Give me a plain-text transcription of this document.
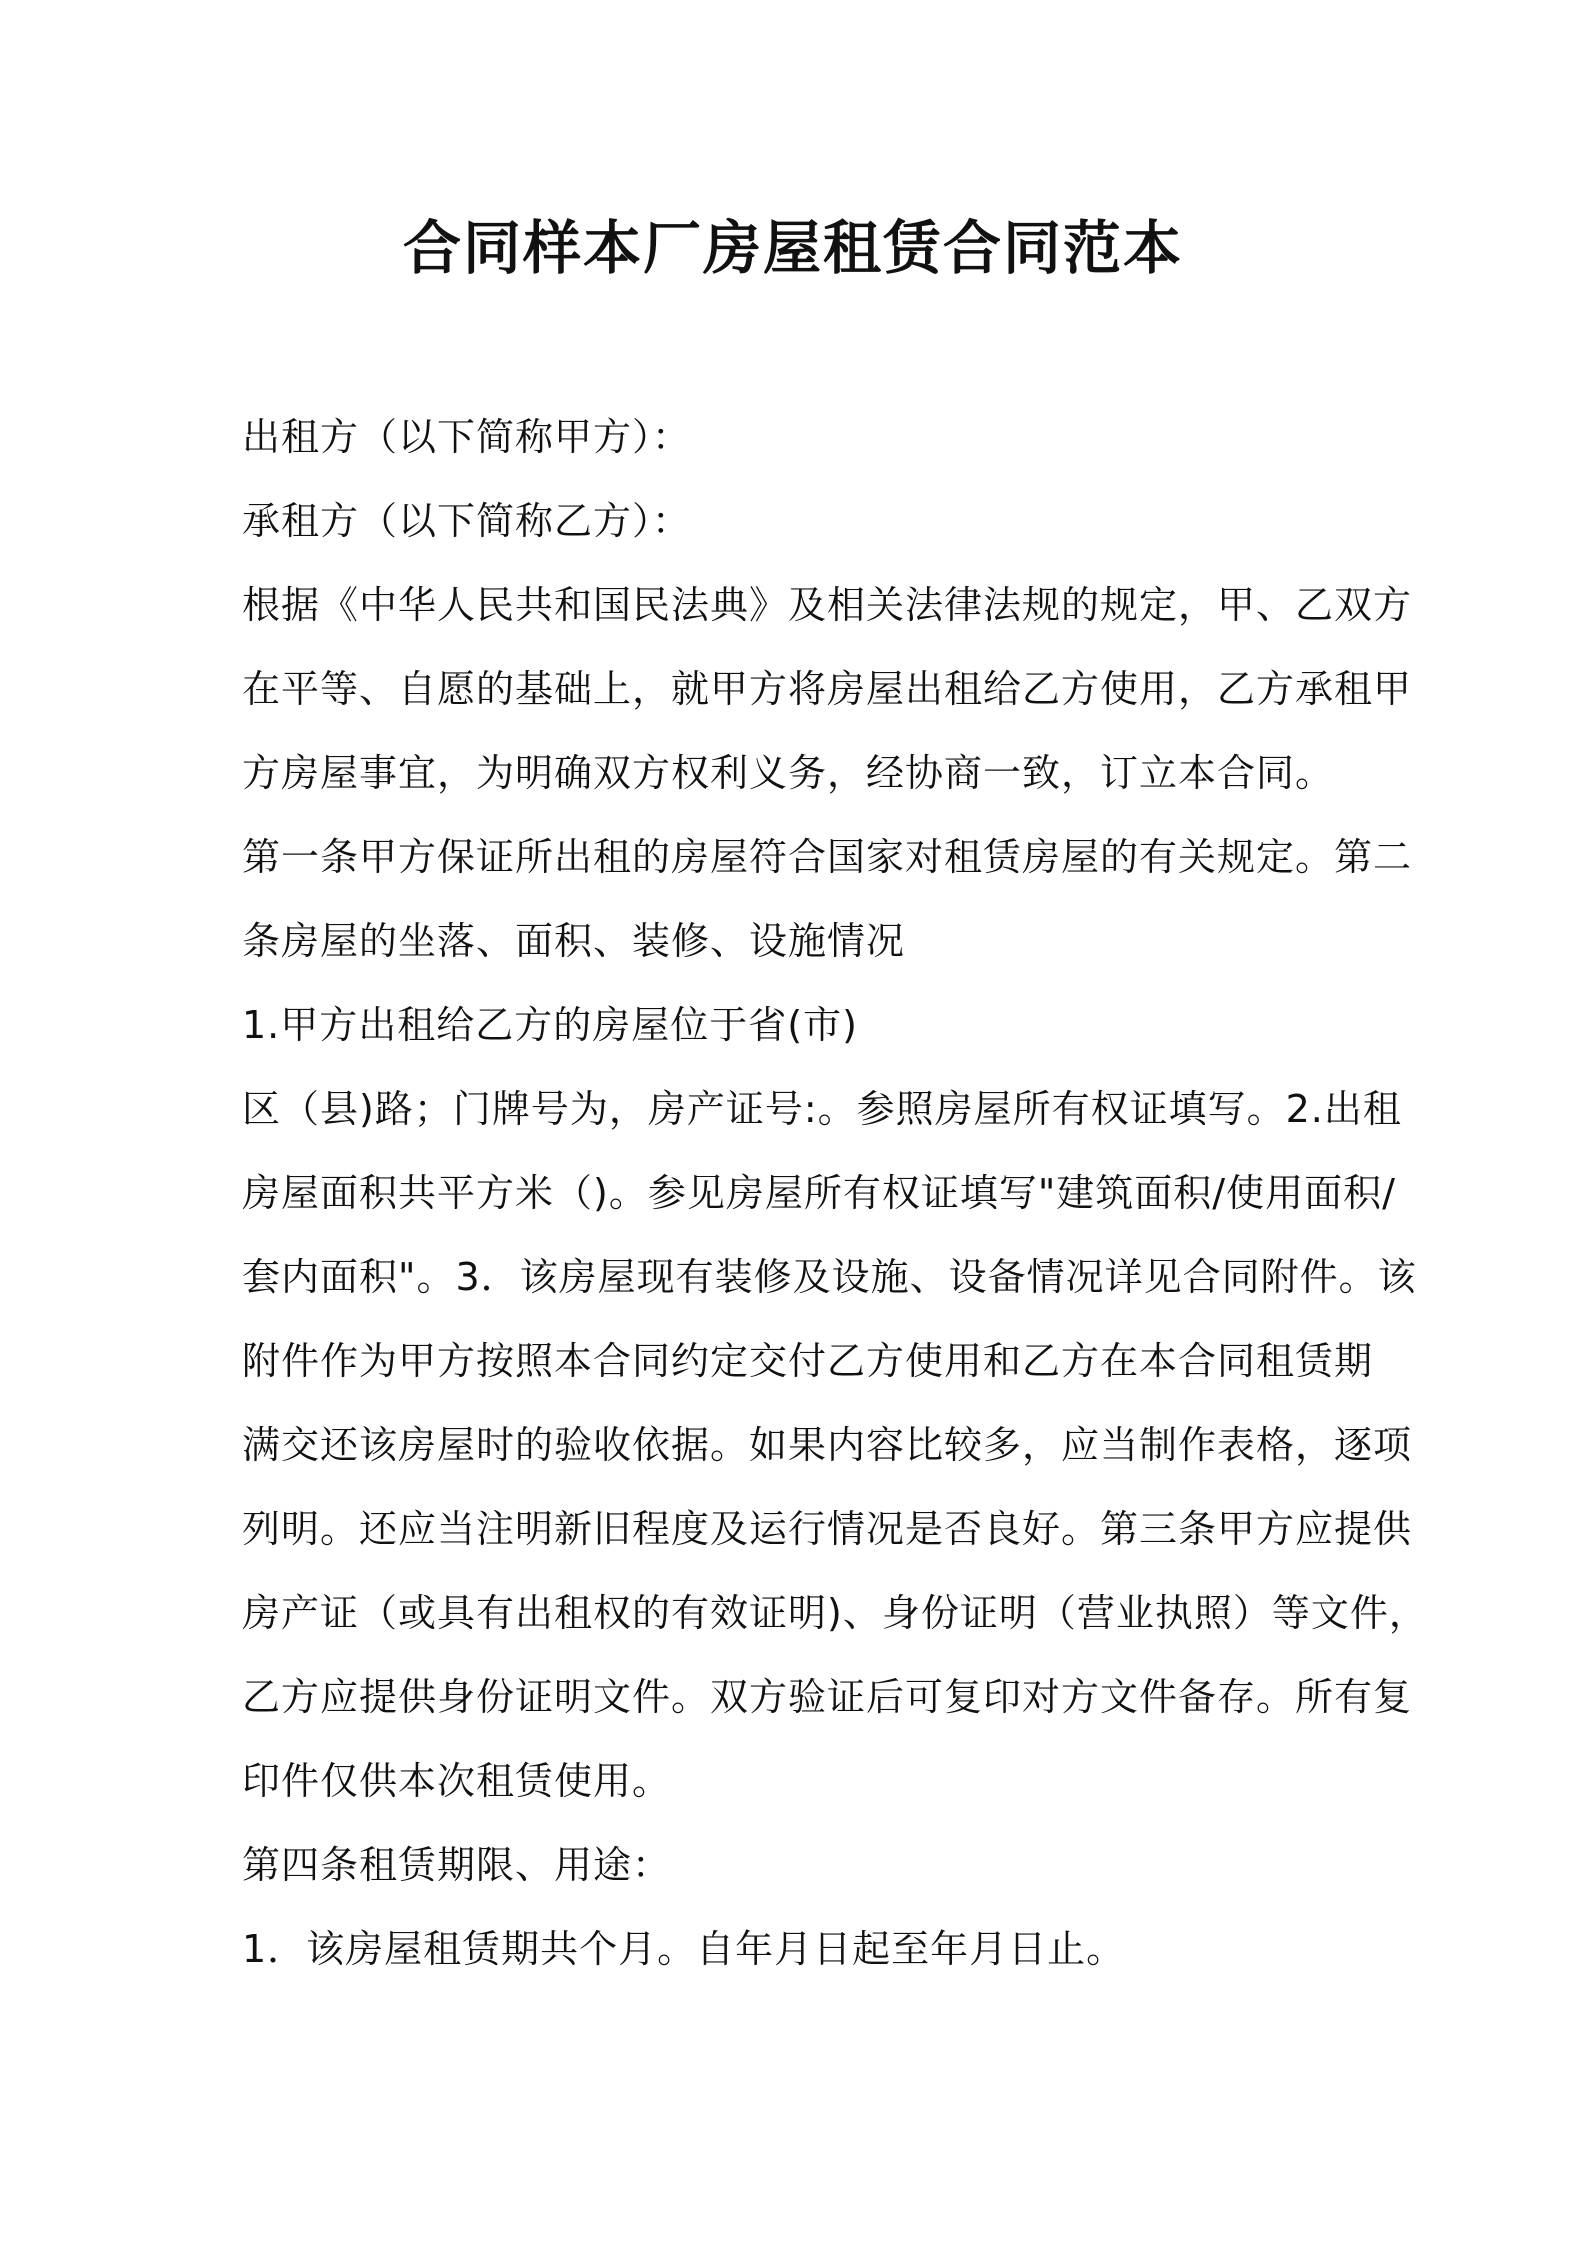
合同样本厂房屋租赁合同范本
出租方（以下简称甲方）：
承租方（以下简称乙方）：
根据《中华人民共和国民法典》及相关法律法规的规定，甲、乙双方
在平等、自愿的基础上，就甲方将房屋出租给乙方使用，乙方承租甲
方房屋事宜，为明确双方权利义务，经协商一致，订立本合同。
第一条甲方保证所出租的房屋符合国家对租赁房屋的有关规定。第二
条房屋的坐落、面积、装修、设施情况
1.甲方出租给乙方的房屋位于省(市)
区（县)路；门牌号为，房产证号:。参照房屋所有权证填写。2.出租
房屋面积共平方米（)。参见房屋所有权证填写"建筑面积/使用面积/
套内面积"。3．该房屋现有装修及设施、设备情况详见合同附件。该
附件作为甲方按照本合同约定交付乙方使用和乙方在本合同租赁期
满交还该房屋时的验收依据。如果内容比较多，应当制作表格，逐项
列明。还应当注明新旧程度及运行情况是否良好。第三条甲方应提供
房产证（或具有出租权的有效证明)、身份证明（营业执照）等文件，
乙方应提供身份证明文件。双方验证后可复印对方文件备存。所有复
印件仅供本次租赁使用。
第四条租赁期限、用途：
1．该房屋租赁期共个月。自年月日起至年月日止。
